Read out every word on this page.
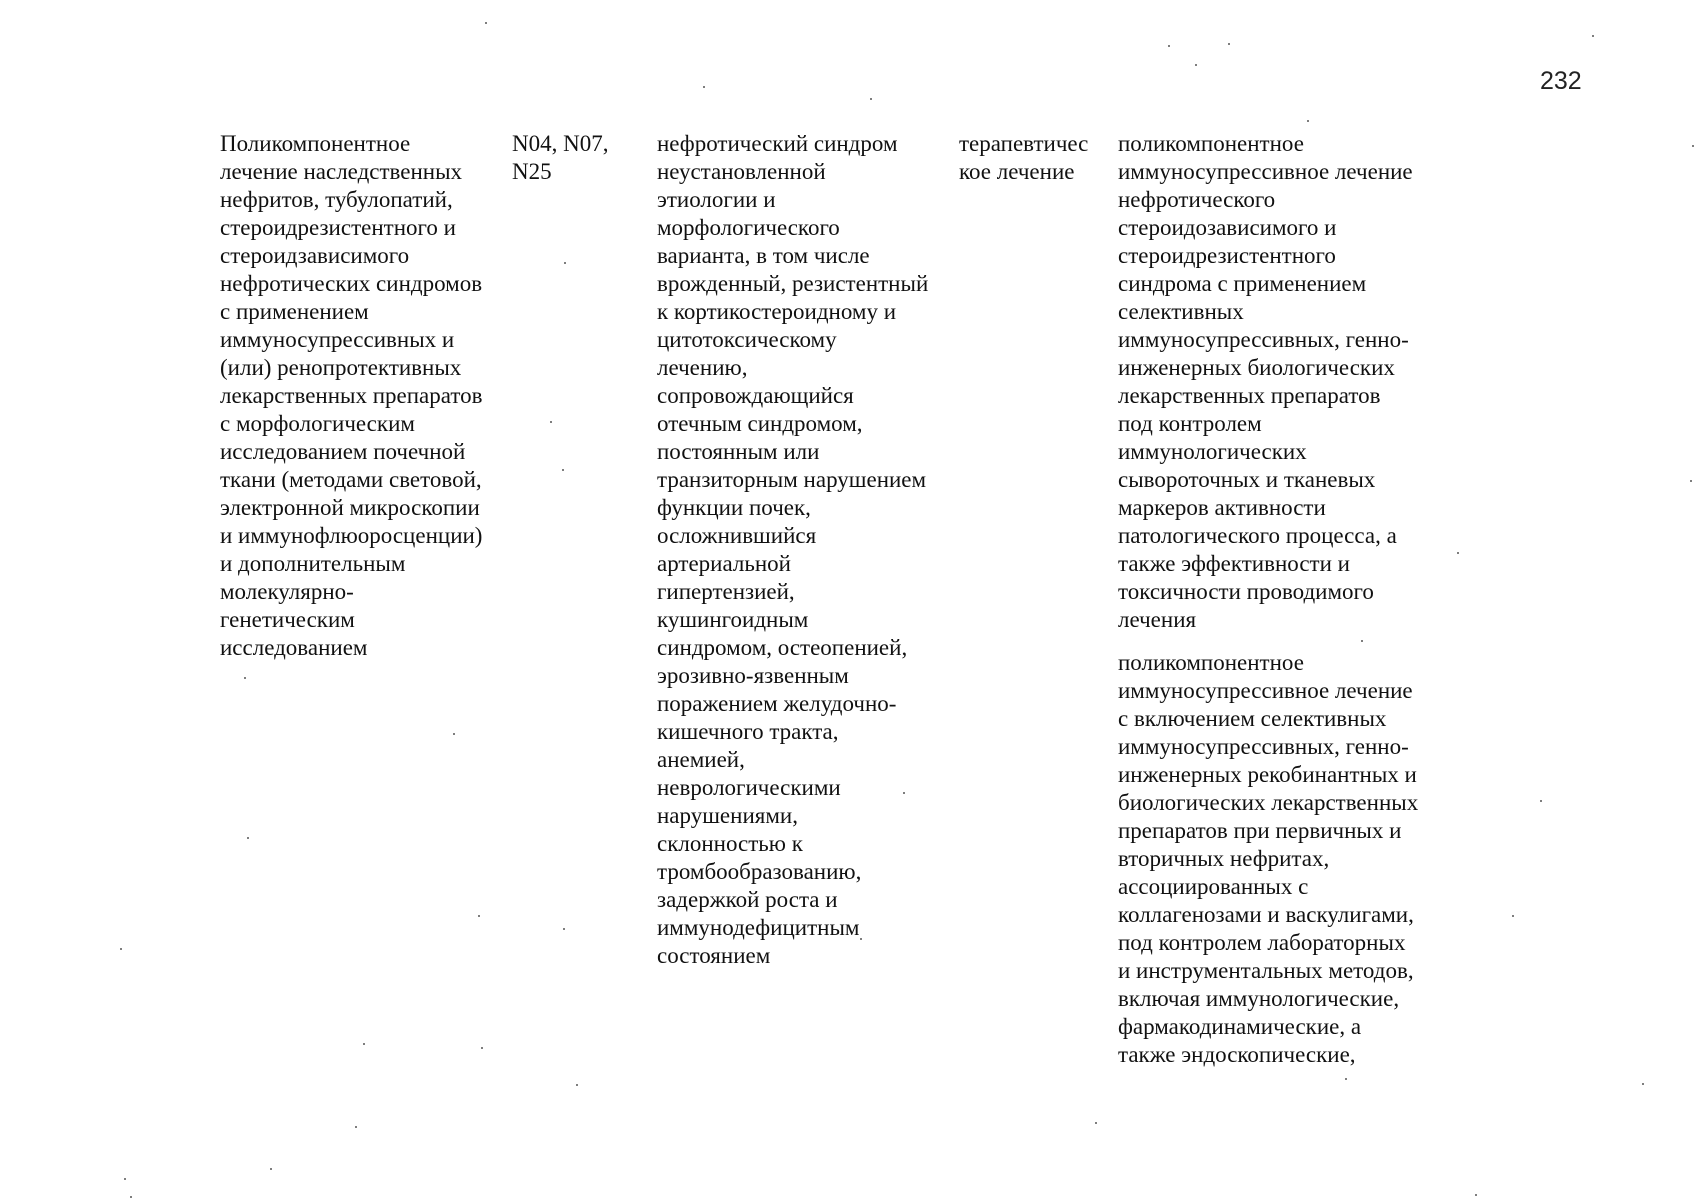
232
Поликомпонентное
лечение наследственных
нефритов, тубулопатий,
стероидрезистентного и
стероидзависимого
нефротических синдромов
с применением
иммуносупрессивных и
(или) ренопротективных
лекарственных препаратов
с морфологическим
исследованием почечной
ткани (методами световой,
электронной микроскопии
и иммунофлюоросценции)
и дополнительным
молекулярно-
генетическим
исследованием
N04, N07,
N25
нефротический синдром
неустановленной
этиологии и
морфологического
варианта, в том числе
врожденный, резистентный
к кортикостероидному и
цитотоксическому
лечению,
сопровождающийся
отечным синдромом,
постоянным или
транзиторным нарушением
функции почек,
осложнившийся
артериальной
гипертензией,
кушингоидным
синдромом, остеопенией,
эрозивно-язвенным
поражением желудочно-
кишечного тракта,
анемией,
неврологическими
нарушениями,
склонностью к
тромбообразованию,
задержкой роста и
иммунодефицитным
состоянием
терапевтичес
кое лечение
поликомпонентное
иммуносупрессивное лечение
нефротического
стероидозависимого и
стероидрезистентного
синдрома с применением
селективных
иммуносупрессивных, генно-
инженерных биологических
лекарственных препаратов
под контролем
иммунологических
сывороточных и тканевых
маркеров активности
патологического процесса, а
также эффективности и
токсичности проводимого
лечения
поликомпонентное
иммуносупрессивное лечение
с включением селективных
иммуносупрессивных, генно-
инженерных рекобинантных и
биологических лекарственных
препаратов при первичных и
вторичных нефритах,
ассоциированных с
коллагенозами и васкулигами,
под контролем лабораторных
и инструментальных методов,
включая иммунологические,
фармакодинамические, а
также эндоскопические,
